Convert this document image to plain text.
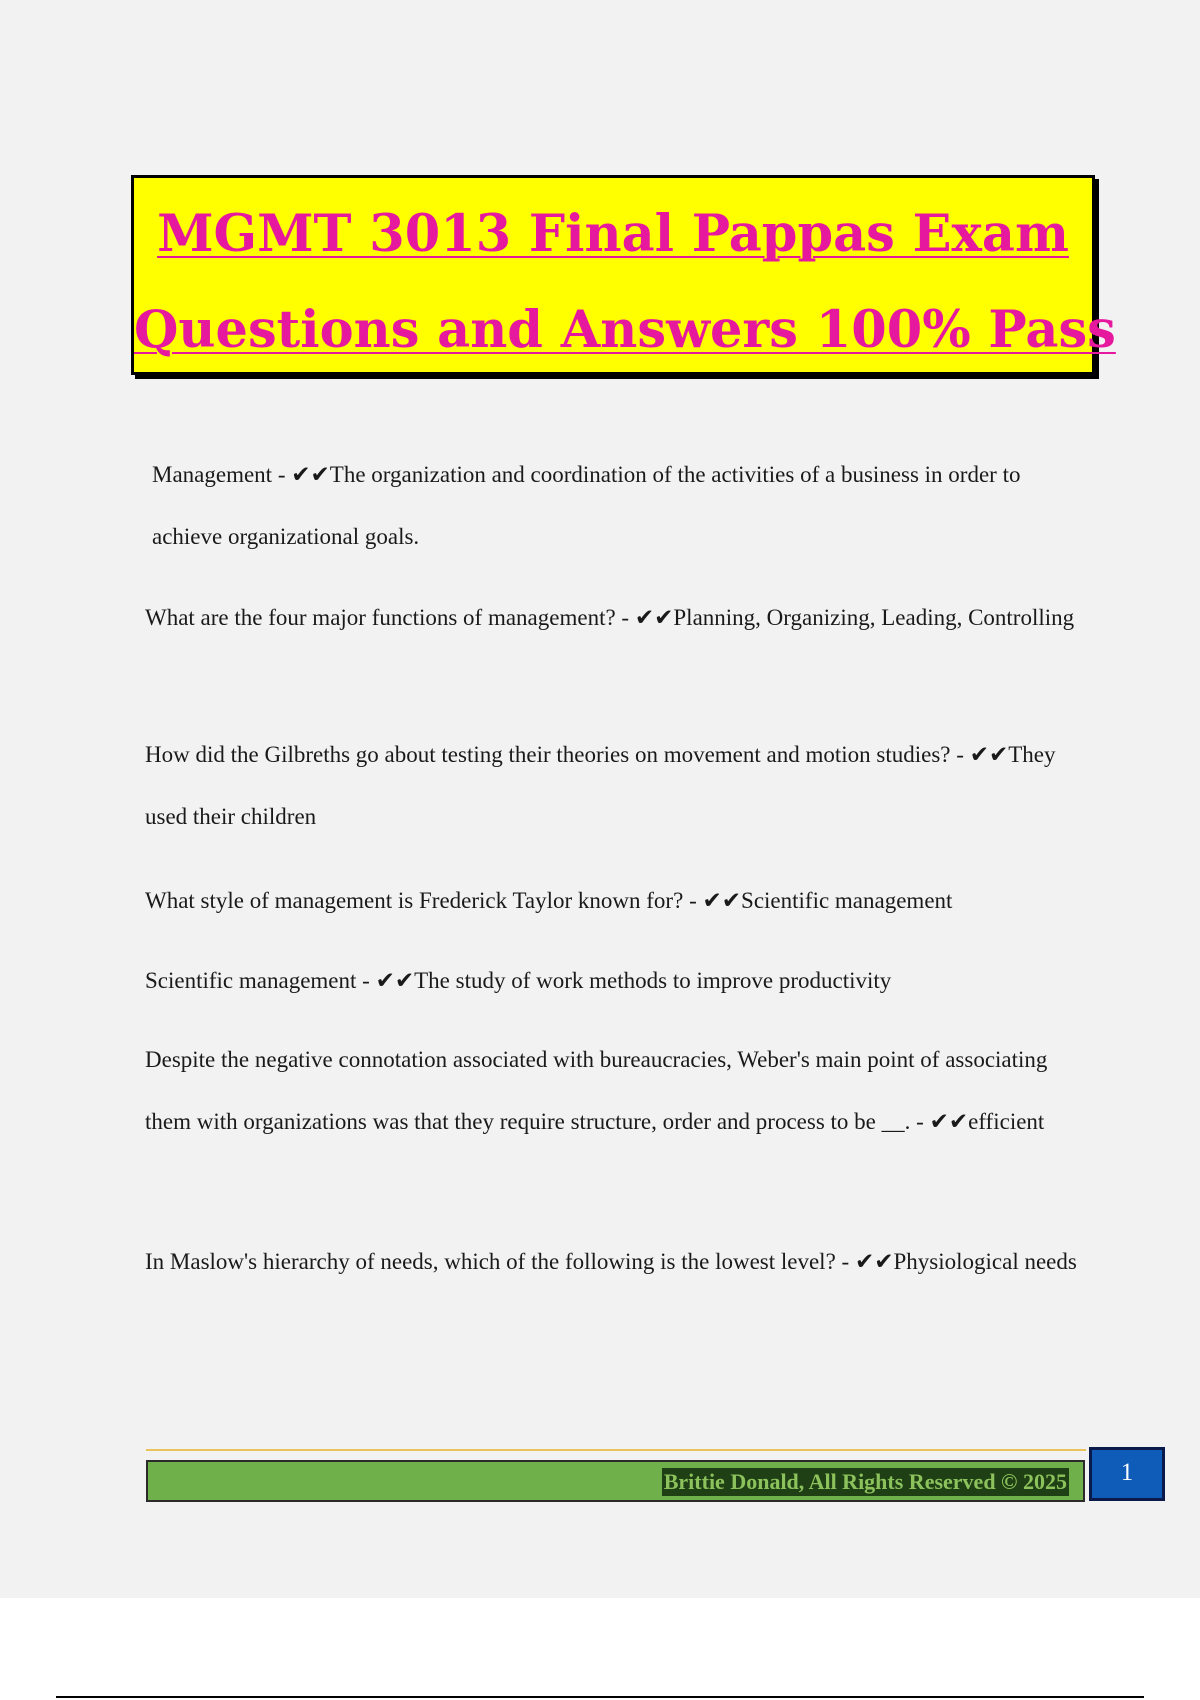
MGMT 3013 Final Pappas Exam
Questions and Answers 100% Pass

Management - ✔✔The organization and coordination of the activities of a business in order to achieve organizational goals.

What are the four major functions of management? - ✔✔Planning, Organizing, Leading, Controlling

How did the Gilbreths go about testing their theories on movement and motion studies? - ✔✔They used their children

What style of management is Frederick Taylor known for? - ✔✔Scientific management

Scientific management - ✔✔The study of work methods to improve productivity

Despite the negative connotation associated with bureaucracies, Weber's main point of associating them with organizations was that they require structure, order and process to be __. - ✔✔efficient

In Maslow's hierarchy of needs, which of the following is the lowest level? - ✔✔Physiological needs

Brittie Donald, All Rights Reserved © 2025	1
